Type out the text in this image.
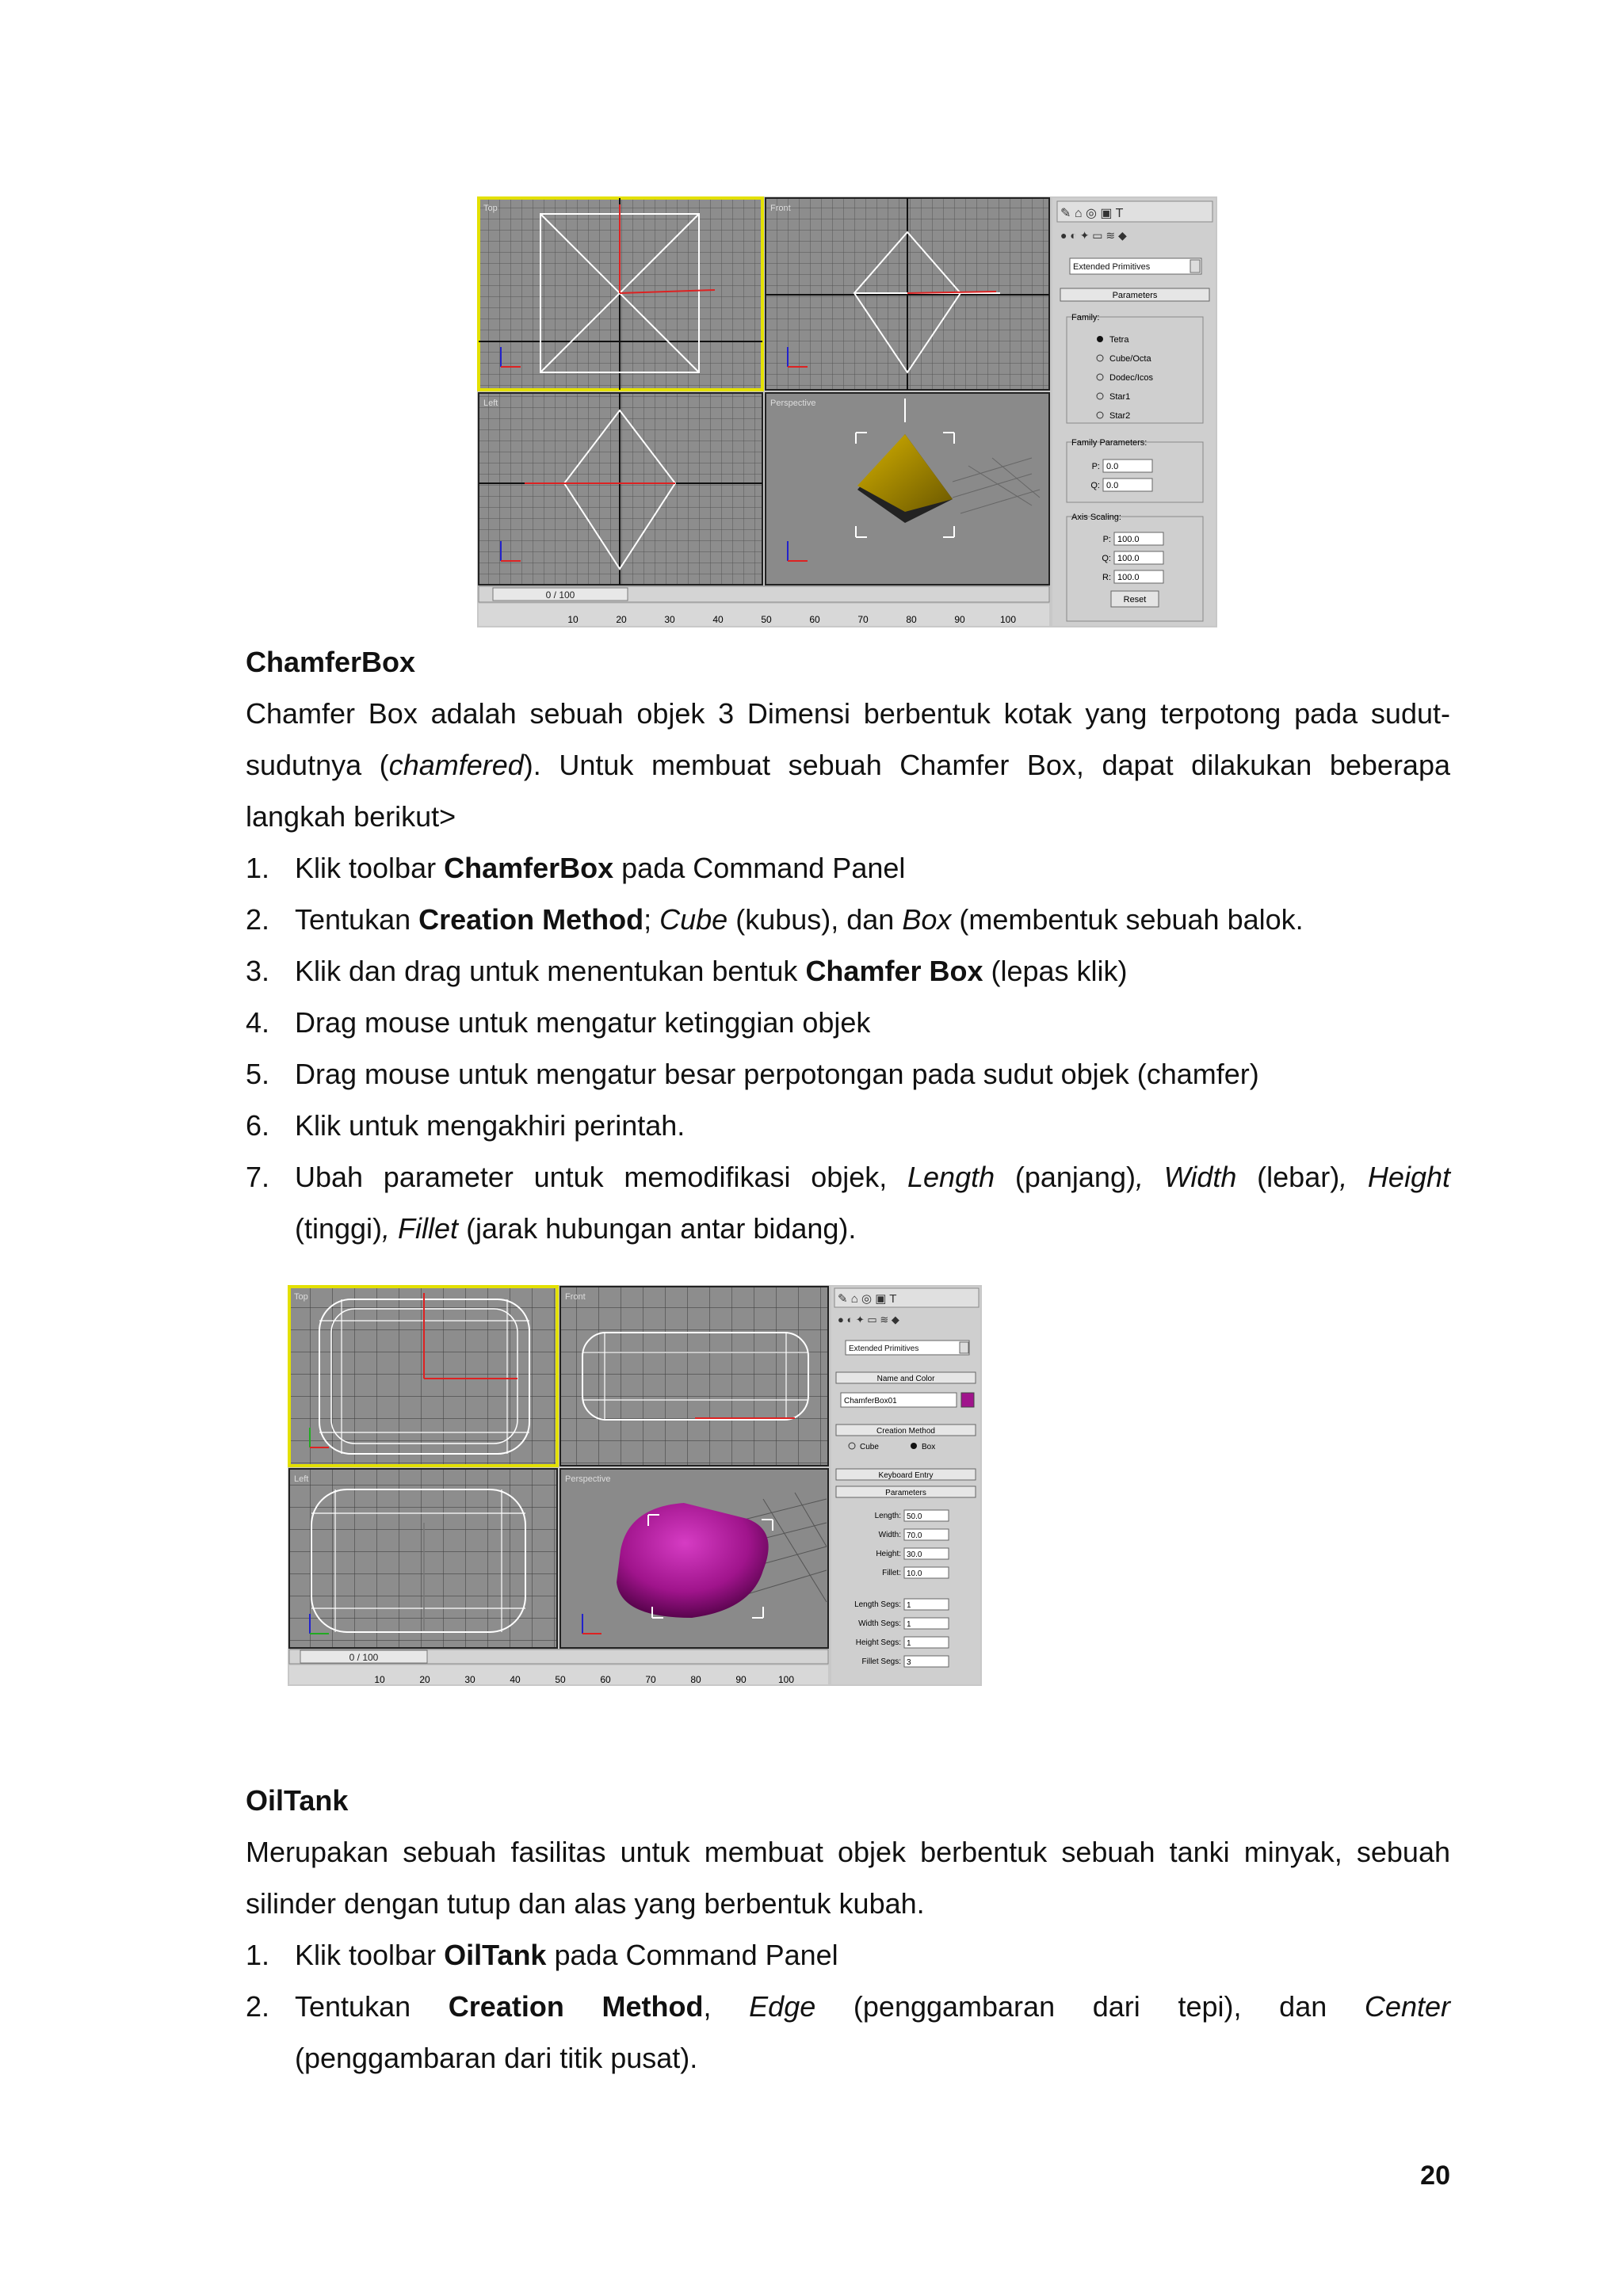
Top	Front
Left	Perspective
0 / 100
10	20	30	40	50	60	70	80	90	100
✎ ⌂ ◎ ▣ T
● ◐ ✦ ▭ ≋ ◆
Extended Primitives
Parameters
Family:
Tetra
Cube/Octa
Dodec/Icos
Star1
Star2
Family Parameters:
P: 0.0
Q: 0.0
Axis Scaling:
P: 100.0
Q: 100.0
R: 100.0
Reset
ChamferBox
Chamfer Box adalah sebuah objek 3 Dimensi berbentuk kotak yang terpotong pada sudut-
sudutnya (chamfered). Untuk membuat sebuah Chamfer Box, dapat dilakukan beberapa
langkah berikut>
1. Klik toolbar ChamferBox pada Command Panel
2. Tentukan Creation Method; Cube (kubus), dan Box (membentuk sebuah balok.
3. Klik dan drag untuk menentukan bentuk Chamfer Box (lepas klik)
4. Drag mouse untuk mengatur ketinggian objek
5. Drag mouse untuk mengatur besar perpotongan pada sudut objek (chamfer)
6. Klik untuk mengakhiri perintah.
7. Ubah parameter untuk memodifikasi objek, Length (panjang), Width (lebar), Height
(tinggi), Fillet (jarak hubungan antar bidang).
Top	Front
Left	Perspective
0 / 100
10	20	30	40	50	60	70	80	90	100
✎ ⌂ ◎ ▣ T
● ◐ ✦ ▭ ≋ ◆
Extended Primitives
Name and Color
ChamferBox01
Creation Method
Cube	Box
Keyboard Entry
Parameters
Length: 50.0
Width: 70.0
Height: 30.0
Fillet: 10.0
Length Segs: 1
Width Segs: 1
Height Segs: 1
Fillet Segs: 3
OilTank
Merupakan sebuah fasilitas untuk membuat objek berbentuk sebuah tanki minyak, sebuah
silinder dengan tutup dan alas yang berbentuk kubah.
1. Klik toolbar OilTank pada Command Panel
2. Tentukan Creation Method, Edge (penggambaran dari tepi), dan Center
(penggambaran dari titik pusat).
20
